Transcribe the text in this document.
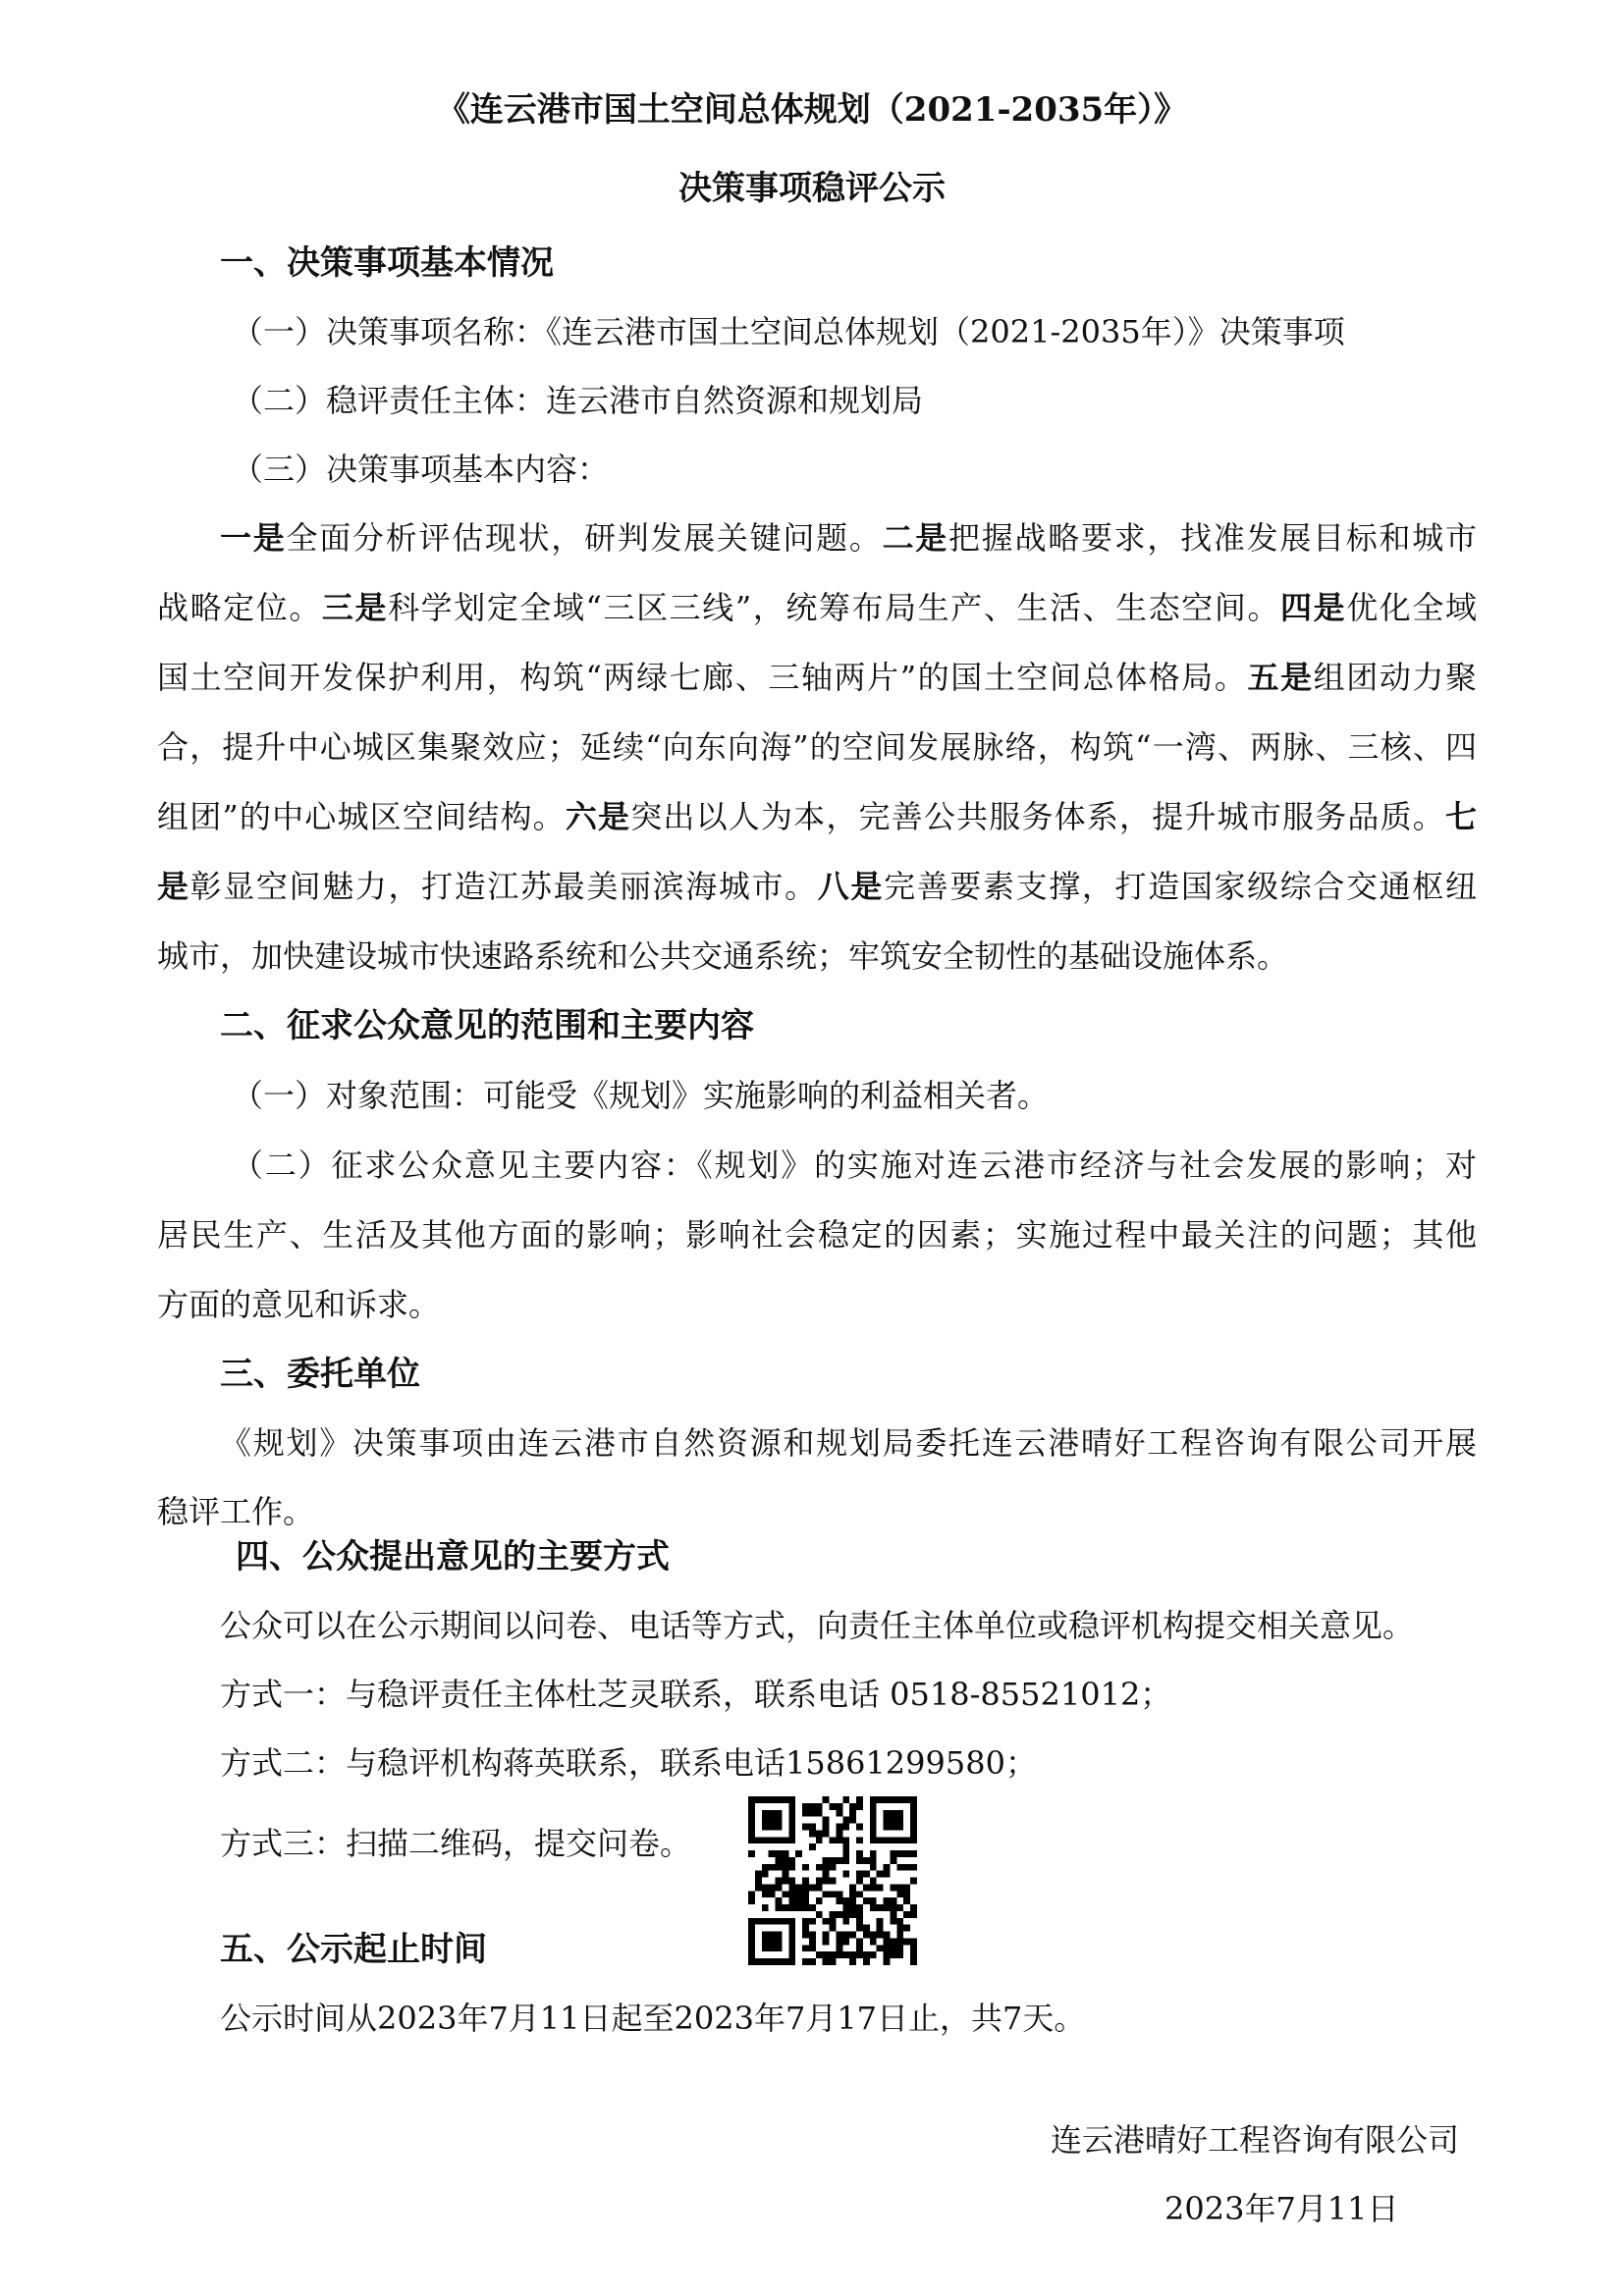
《连云港市国土空间总体规划（2021-2035年）》
决策事项稳评公示
一、决策事项基本情况
（一）决策事项名称：《连云港市国土空间总体规划（2021-2035年）》决策事项
（二）稳评责任主体：连云港市自然资源和规划局
（三）决策事项基本内容：
一是全面分析评估现状，研判发展关键问题。二是把握战略要求，找准发展目标和城市
战略定位。三是科学划定全域“三区三线”，统筹布局生产、生活、生态空间。四是优化全域
国土空间开发保护利用，构筑“两绿七廊、三轴两片”的国土空间总体格局。五是组团动力聚
合，提升中心城区集聚效应；延续“向东向海”的空间发展脉络，构筑“一湾、两脉、三核、四
组团”的中心城区空间结构。六是突出以人为本，完善公共服务体系，提升城市服务品质。七
是彰显空间魅力，打造江苏最美丽滨海城市。八是完善要素支撑，打造国家级综合交通枢纽
城市，加快建设城市快速路系统和公共交通系统；牢筑安全韧性的基础设施体系。
二、征求公众意见的范围和主要内容
（一）对象范围：可能受《规划》实施影响的利益相关者。
（二）征求公众意见主要内容：《规划》的实施对连云港市经济与社会发展的影响；对
居民生产、生活及其他方面的影响；影响社会稳定的因素；实施过程中最关注的问题；其他
方面的意见和诉求。
三、委托单位
《规划》决策事项由连云港市自然资源和规划局委托连云港晴好工程咨询有限公司开展
稳评工作。
四、公众提出意见的主要方式
公众可以在公示期间以问卷、电话等方式，向责任主体单位或稳评机构提交相关意见。
方式一：与稳评责任主体杜芝灵联系，联系电话 0518-85521012；
方式二：与稳评机构蒋英联系，联系电话15861299580；
方式三：扫描二维码，提交问卷。
五、公示起止时间
公示时间从2023年7月11日起至2023年7月17日止，共7天。
连云港晴好工程咨询有限公司
2023年7月11日
